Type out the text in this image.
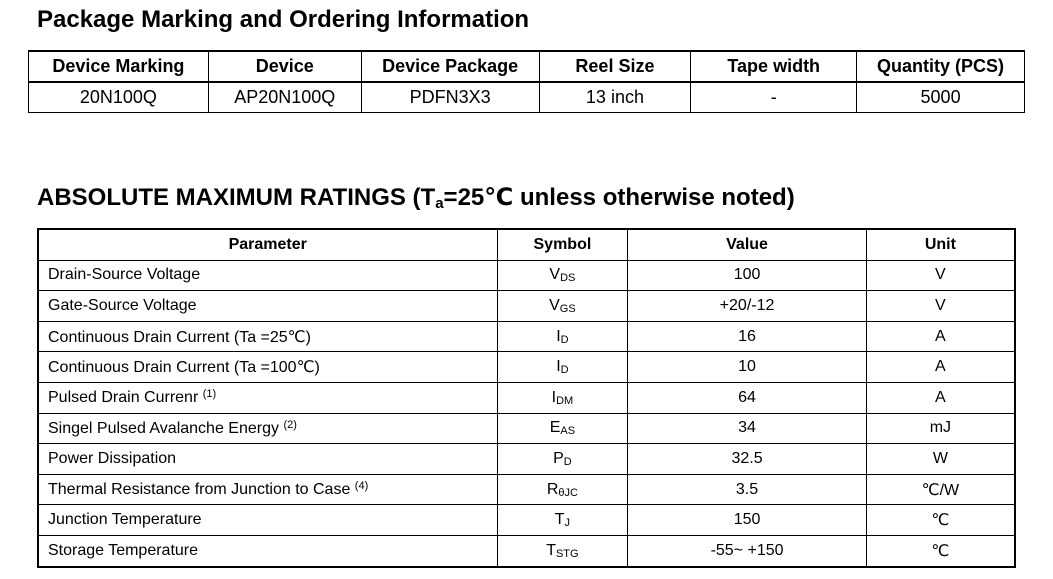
Package Marking and Ordering Information
Device Marking	Device	Device Package	Reel Size	Tape width	Quantity (PCS)
20N100Q	AP20N100Q	PDFN3X3	13 inch	-	5000
ABSOLUTE MAXIMUM RATINGS ($T_a=25℃$ unless otherwise noted)
Parameter	Symbol	Value	Unit
Drain-Source Voltage	VDS	100	V
Gate-Source Voltage	VGS	+20/-12	V
Continuous Drain Current (Ta =25℃)	ID	16	A
Continuous Drain Current (Ta =100℃)	ID	10	A
Pulsed Drain Currenr $^{(1)}$	IDM	64	A
Singel Pulsed Avalanche Energy $^{(2)}$	EAS	34	mJ
Power Dissipation	PD	32.5	W
Thermal Resistance from Junction to Case $^{(4)}$	RθJC	3.5	℃/W
Junction Temperature	TJ	150	℃
Storage Temperature	TSTG	-55~ +150	℃
